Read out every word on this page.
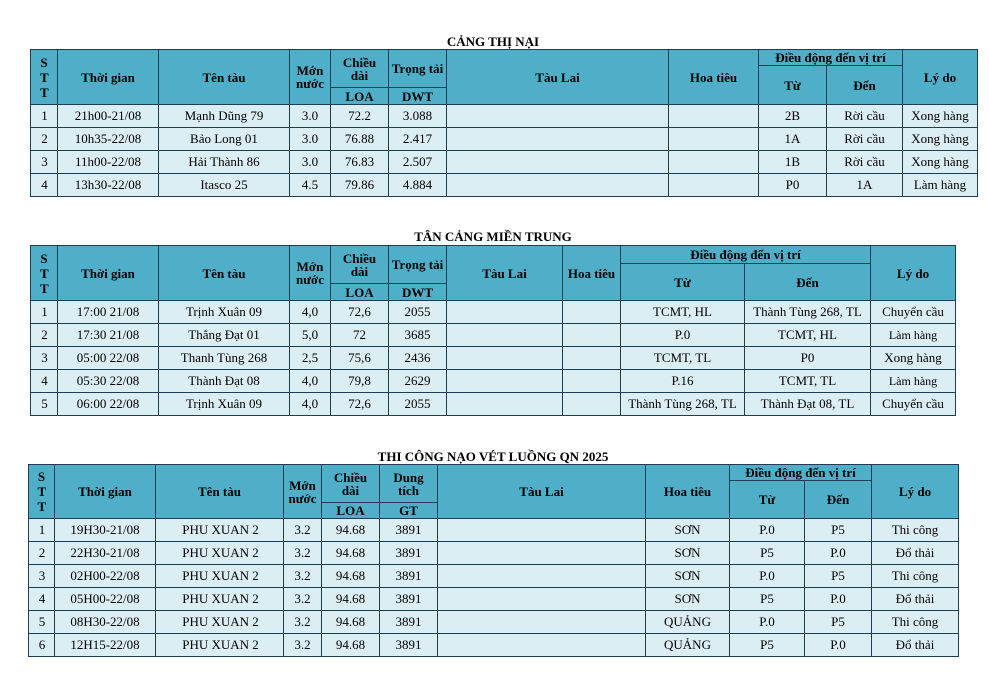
CẢNG THỊ NẠI
STT	Thời gian	Tên tàu	Mớn nước	Chiều dài	Trọng tải	Tàu Lai	Hoa tiêu	Điều động đến vị trí		Lý do
								Từ	Đến	
				LOA	DWT					
1	21h00-21/08	Mạnh Dũng 79	3.0	72.2	3.088			2B	Rời cầu	Xong hàng
2	10h35-22/08	Bảo Long 01	3.0	76.88	2.417			1A	Rời cầu	Xong hàng
3	11h00-22/08	Hải Thành 86	3.0	76.83	2.507			1B	Rời cầu	Xong hàng
4	13h30-22/08	Itasco 25	4.5	79.86	4.884			P0	1A	Làm hàng
TÂN CẢNG MIỀN TRUNG
STT	Thời gian	Tên tàu	Mớn nước	Chiều dài	Trọng tải	Tàu Lai	Hoa tiêu	Điều động đến vị trí		Lý do
								Từ	Đến	
				LOA	DWT					
1	17:00 21/08	Trịnh Xuân 09	4,0	72,6	2055			TCMT, HL	Thành Tùng 268, TL	Chuyển cầu
2	17:30 21/08	Thắng Đạt 01	5,0	72	3685			P.0	TCMT, HL	Làm hàng
3	05:00 22/08	Thanh Tùng 268	2,5	75,6	2436			TCMT, TL	P0	Xong hàng
4	05:30 22/08	Thành Đạt 08	4,0	79,8	2629			P.16	TCMT, TL	Làm hàng
5	06:00 22/08	Trịnh Xuân 09	4,0	72,6	2055			Thành Tùng 268, TL	Thành Đạt 08, TL	Chuyển cầu
THI CÔNG NẠO VÉT LUỒNG QN 2025
STT	Thời gian	Tên tàu	Mớn nước	Chiều dài	Dung tích	Tàu Lai	Hoa tiêu	Điều động đến vị trí		Lý do
								Từ	Đến	
				LOA	GT					
1	19H30-21/08	PHU XUAN 2	3.2	94.68	3891		SƠN	P.0	P5	Thi công
2	22H30-21/08	PHU XUAN 2	3.2	94.68	3891		SƠN	P5	P.0	Đổ thải
3	02H00-22/08	PHU XUAN 2	3.2	94.68	3891		SƠN	P.0	P5	Thi công
4	05H00-22/08	PHU XUAN 2	3.2	94.68	3891		SƠN	P5	P.0	Đổ thải
5	08H30-22/08	PHU XUAN 2	3.2	94.68	3891		QUẢNG	P.0	P5	Thi công
6	12H15-22/08	PHU XUAN 2	3.2	94.68	3891		QUẢNG	P5	P.0	Đổ thải
